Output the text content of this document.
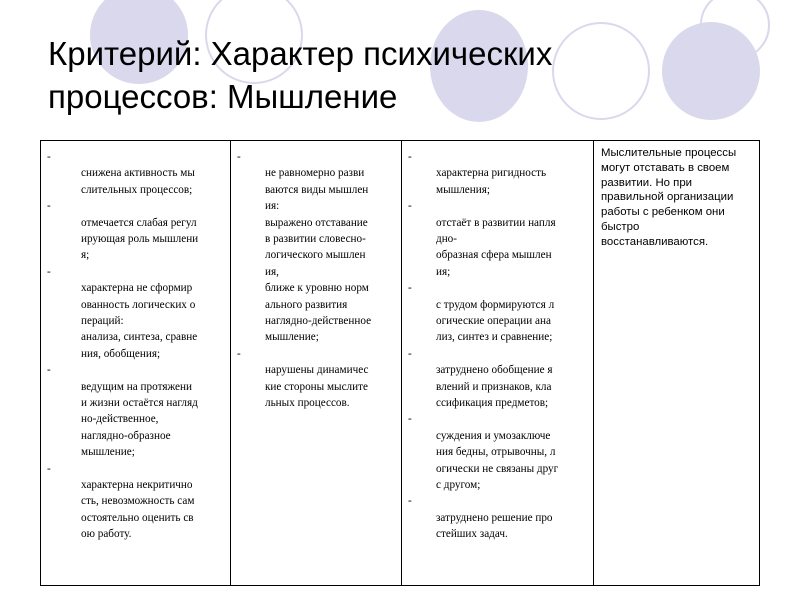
Критерий: Характер психических процессов: Мышление
-
снижена активность мы
слительных процессов;
-
отмечается слабая регул
ирующая роль мышлени
я;
-
характерна не сформир
ованность логических о
пераций:
анализа, синтеза, сравне
ния, обобщения;
-
ведущим на протяжени
и жизни остаётся нагляд
но-действенное,
наглядно-образное
мышление;
-
характерна некритично
сть, невозможность сам
остоятельно оценить св
ою работу.
-
не равномерно разви
ваются виды мышлен
ия:
выражено отставание
в развитии словесно-
логического мышлен
ия,
ближе к уровню норм
ального развития
наглядно-действенное
мышление;
-
нарушены динамичес
кие стороны мыслите
льных процессов.
-
характерна ригидность
мышления;
-
отстаёт в развитии напля
дно-
образная сфера мышлен
ия;
-
с трудом формируются л
огические операции ана
лиз, синтез и сравнение;
-
затруднено обобщение я
влений и признаков, кла
ссификация предметов;
-
суждения и умозаключе
ния бедны, отрывочны, л
огически не связаны друг
с другом;
-
затруднено решение про
стейших задач.
Мыслительные процессы
могут отставать в своем
развитии. Но при
правильной организации
работы с ребенком они
быстро
восстанавливаются.
